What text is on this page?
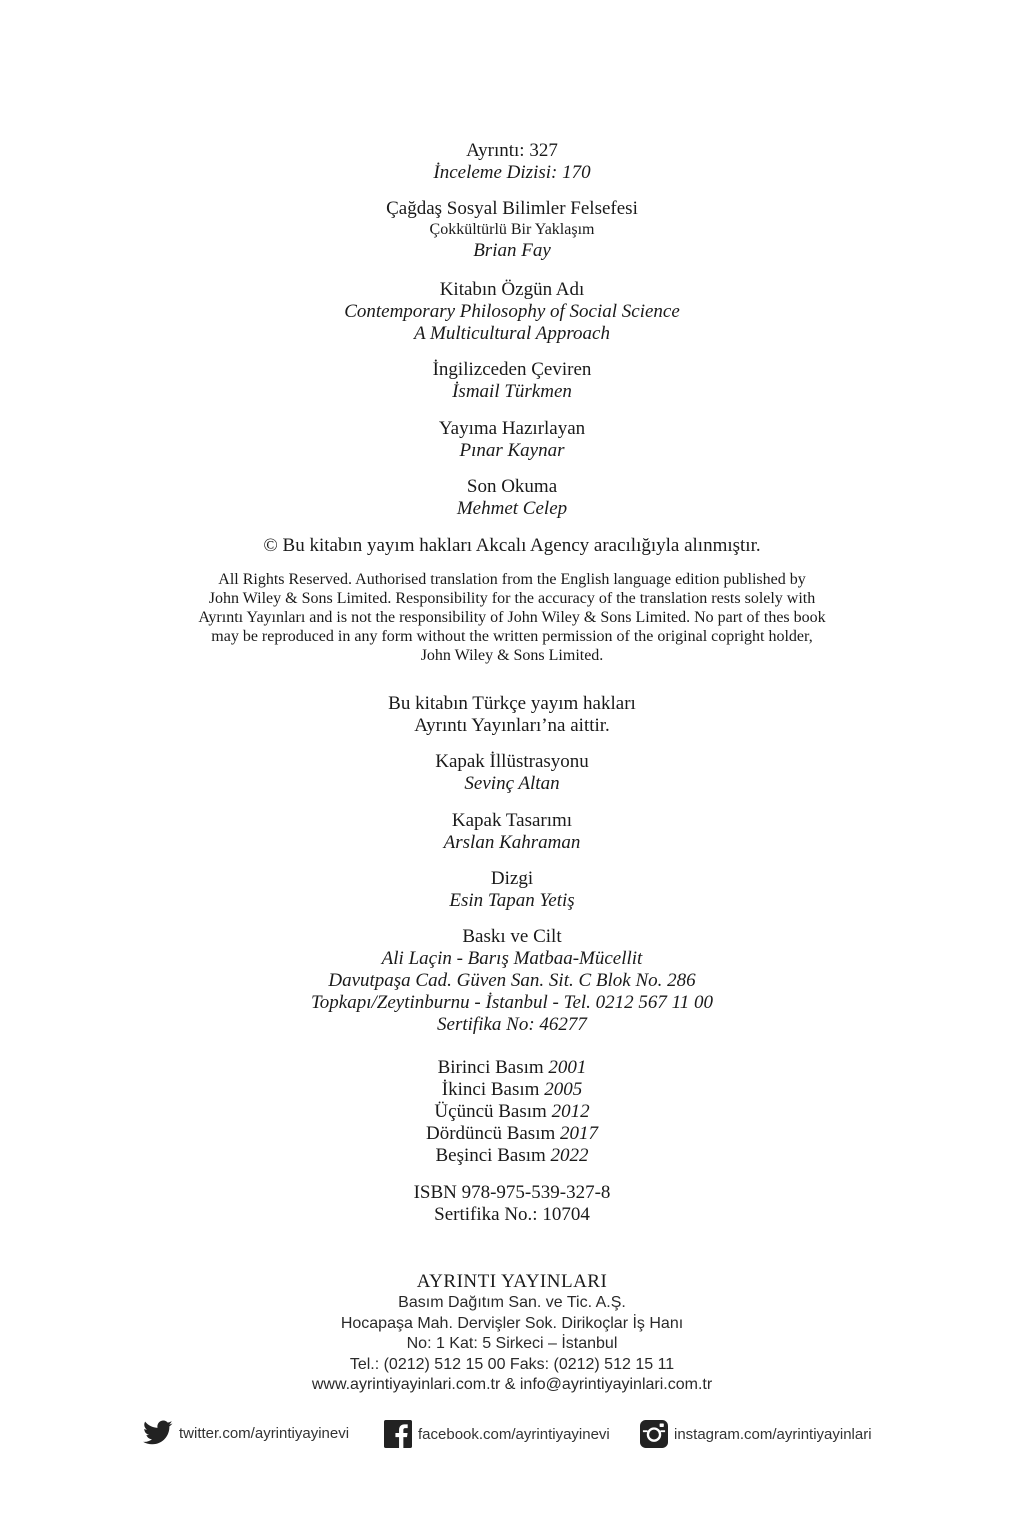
Ayrıntı: 327
İnceleme Dizisi: 170
Çağdaş Sosyal Bilimler Felsefesi
Çokkültürlü Bir Yaklaşım
Brian Fay
Kitabın Özgün Adı
Contemporary Philosophy of Social Science
A Multicultural Approach
İngilizceden Çeviren
İsmail Türkmen
Yayıma Hazırlayan
Pınar Kaynar
Son Okuma
Mehmet Celep
© Bu kitabın yayım hakları Akcalı Agency aracılığıyla alınmıştır.
All Rights Reserved. Authorised translation from the English language edition published by
John Wiley & Sons Limited. Responsibility for the accuracy of the translation rests solely with
Ayrıntı Yayınları and is not the responsibility of John Wiley & Sons Limited. No part of thes book
may be reproduced in any form without the written permission of the original copright holder,
John Wiley & Sons Limited.
Bu kitabın Türkçe yayım hakları
Ayrıntı Yayınları’na aittir.
Kapak İllüstrasyonu
Sevinç Altan
Kapak Tasarımı
Arslan Kahraman
Dizgi
Esin Tapan Yetiş
Baskı ve Cilt
Ali Laçin - Barış Matbaa-Mücellit
Davutpaşa Cad. Güven San. Sit. C Blok No. 286
Topkapı/Zeytinburnu - İstanbul - Tel. 0212 567 11 00
Sertifika No: 46277
Birinci Basım 2001
İkinci Basım 2005
Üçüncü Basım 2012
Dördüncü Basım 2017
Beşinci Basım 2022
ISBN 978-975-539-327-8
Sertifika No.: 10704
AYRINTI YAYINLARI
Basım Dağıtım San. ve Tic. A.Ş.
Hocapaşa Mah. Dervişler Sok. Dirikoçlar İş Hanı
No: 1 Kat: 5 Sirkeci – İstanbul
Tel.: (0212) 512 15 00 Faks: (0212) 512 15 11
www.ayrintiyayinlari.com.tr & info@ayrintiyayinlari.com.tr
twitter.com/ayrintiyayinevi	facebook.com/ayrintiyayinevi	instagram.com/ayrintiyayinlari
